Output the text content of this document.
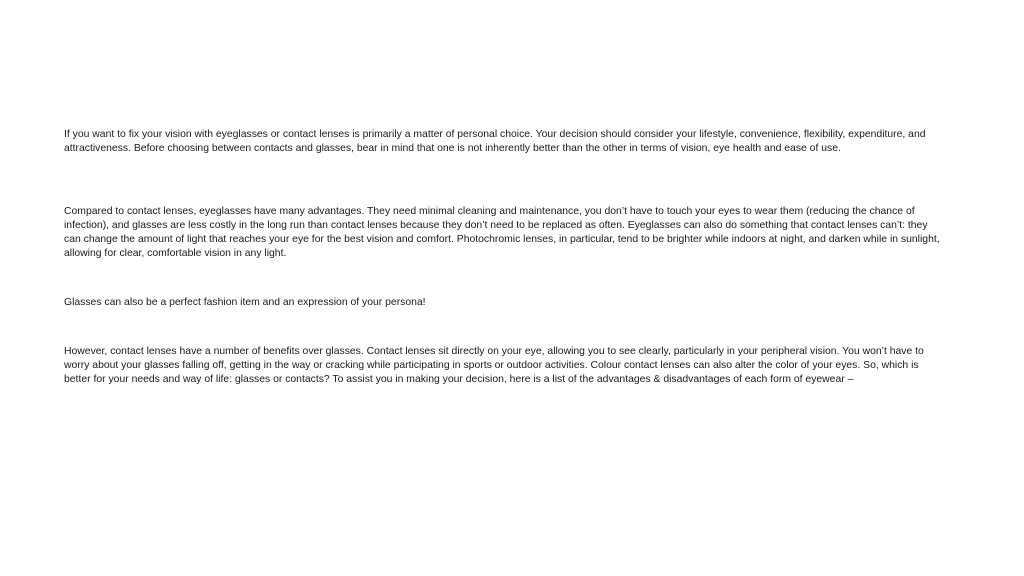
If you want to fix your vision with eyeglasses or contact lenses is primarily a matter of personal choice. Your decision should consider your lifestyle, convenience, flexibility, expenditure, and attractiveness. Before choosing between contacts and glasses, bear in mind that one is not inherently better than the other in terms of vision, eye health and ease of use.

Compared to contact lenses, eyeglasses have many advantages. They need minimal cleaning and maintenance, you don’t have to touch your eyes to wear them (reducing the chance of infection), and glasses are less costly in the long run than contact lenses because they don’t need to be replaced as often. Eyeglasses can also do something that contact lenses can’t: they can change the amount of light that reaches your eye for the best vision and comfort. Photochromic lenses, in particular, tend to be brighter while indoors at night, and darken while in sunlight, allowing for clear, comfortable vision in any light.

Glasses can also be a perfect fashion item and an expression of your persona!

However, contact lenses have a number of benefits over glasses. Contact lenses sit directly on your eye, allowing you to see clearly, particularly in your peripheral vision. You won’t have to worry about your glasses falling off, getting in the way or cracking while participating in sports or outdoor activities. Colour contact lenses can also alter the color of your eyes. So, which is better for your needs and way of life: glasses or contacts? To assist you in making your decision, here is a list of the advantages & disadvantages of each form of eyewear –
